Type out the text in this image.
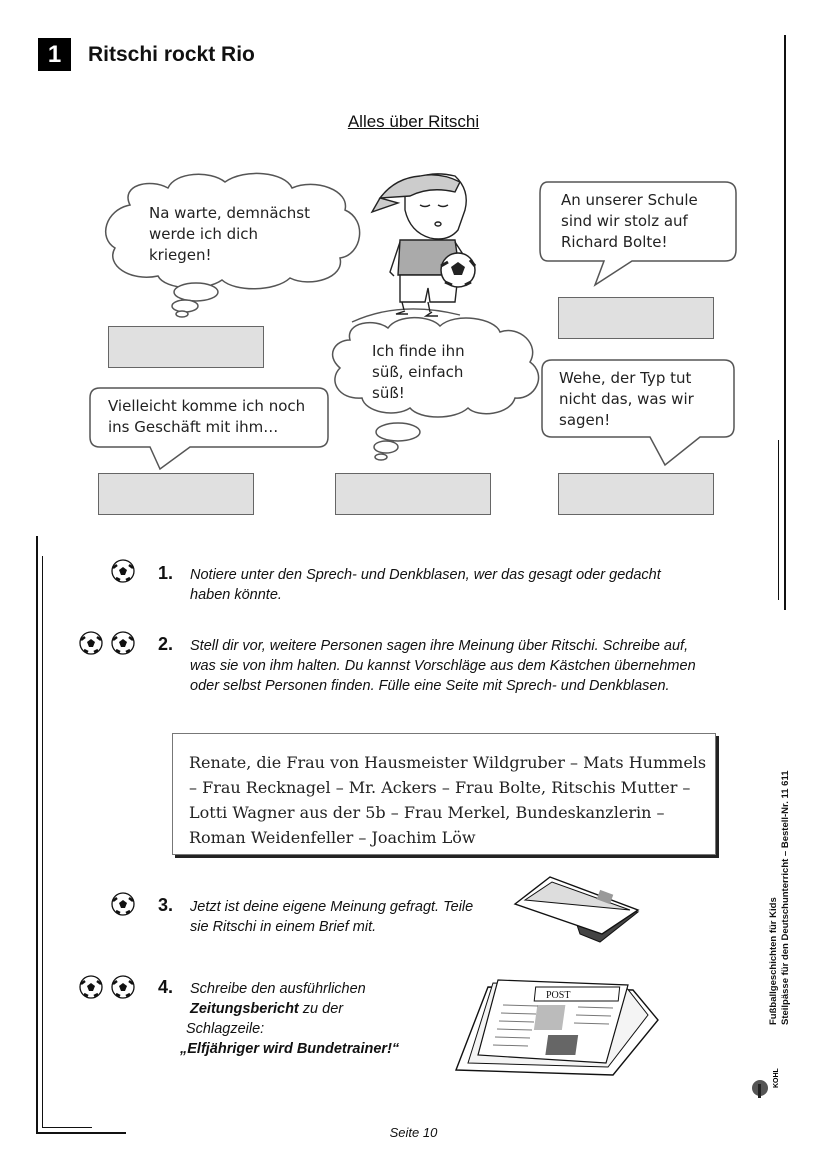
1	Ritschi rockt Rio
Alles über Ritschi
Na warte, demnächst werde ich dich kriegen!
An unserer Schule sind wir stolz auf Richard Bolte!
Ich finde ihn süß, einfach süß!
Vielleicht komme ich noch ins Geschäft mit ihm…
Wehe, der Typ tut nicht das, was wir sagen!
1. Notiere unter den Sprech- und Denkblasen, wer das gesagt oder gedacht haben könnte.
2. Stell dir vor, weitere Personen sagen ihre Meinung über Ritschi. Schreibe auf, was sie von ihm halten. Du kannst Vorschläge aus dem Kästchen übernehmen oder selbst Personen finden. Fülle eine Seite mit Sprech- und Denkblasen.
Renate, die Frau von Hausmeister Wildgruber – Mats Hummels – Frau Recknagel – Mr. Ackers – Frau Bolte, Ritschis Mutter – Lotti Wagner aus der 5b – Frau Merkel, Bundeskanzlerin – Roman Weidenfeller – Joachim Löw
3. Jetzt ist deine eigene Meinung gefragt. Teile sie Ritschi in einem Brief mit.
4. Schreibe den ausführlichen
Zeitungsbericht zu der
Schlagzeile:
„Elfjähriger wird Bundetrainer!“
POST
Seite 10
Fußballgeschichten für Kids Steilpässe für den Deutschunterricht – Bestell-Nr. 11 611
KOHL
